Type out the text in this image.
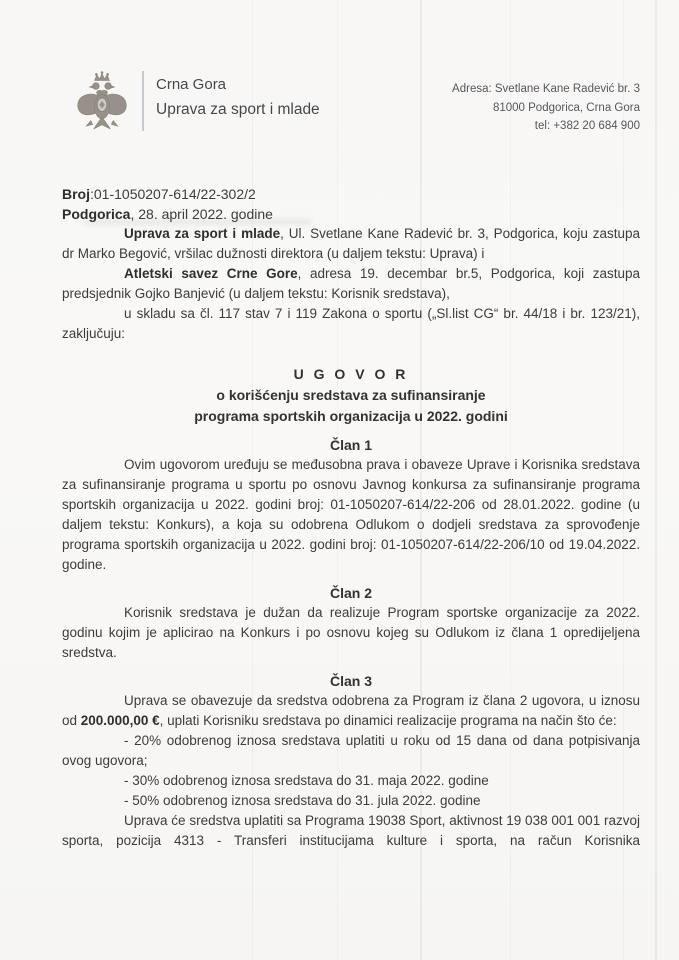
Crna Gora
Uprava za sport i mlade
Adresa: Svetlane Kane Radević br. 3
81000 Podgorica, Crna Gora
tel: +382 20 684 900
Broj:01-1050207-614/22-302/2
Podgorica, 28. april 2022. godine

Uprava za sport i mlade, Ul. Svetlane Kane Radević br. 3, Podgorica, koju zastupa dr Marko Begović, vršilac dužnosti direktora (u daljem tekstu: Uprava) i

Atletski savez Crne Gore, adresa 19. decembar br.5, Podgorica, koji zastupa predsjednik Gojko Banjević (u daljem tekstu: Korisnik sredstava),

u skladu sa čl. 117 stav 7 i 119 Zakona o sportu („Sl.list CG“ br. 44/18 i br. 123/21), zaključuju:

U G O V O R
o korišćenju sredstava za sufinansiranje
programa sportskih organizacija u 2022. godini
Član 1

Ovim ugovorom uređuju se međusobna prava i obaveze Uprave i Korisnika sredstava za sufinansiranje programa u sportu po osnovu Javnog konkursa za sufinansiranje programa sportskih organizacija u 2022. godini broj: 01-1050207-614/22-206 od 28.01.2022. godine (u daljem tekstu: Konkurs), a koja su odobrena Odlukom o dodjeli sredstava za sprovođenje programa sportskih organizacija u 2022. godini broj: 01-1050207-614/22-206/10 od 19.04.2022. godine.

Član 2

Korisnik sredstava je dužan da realizuje Program sportske organizacije za 2022. godinu kojim je aplicirao na Konkurs i po osnovu kojeg su Odlukom iz člana 1 opredijeljena sredstva.

Član 3

Uprava se obavezuje da sredstva odobrena za Program iz člana 2 ugovora, u iznosu od 200.000,00 €, uplati Korisniku sredstava po dinamici realizacije programa na način što će:

- 20% odobrenog iznosa sredstava uplatiti u roku od 15 dana od dana potpisivanja ovog ugovora;

- 30% odobrenog iznosa sredstava do 31. maja 2022. godine

- 50% odobrenog iznosa sredstava do 31. jula 2022. godine

Uprava će sredstva uplatiti sa Programa 19038 Sport, aktivnost 19 038 001 001 razvoj sporta, pozicija 4313 - Transferi institucijama kulture i sporta, na račun Korisnika
